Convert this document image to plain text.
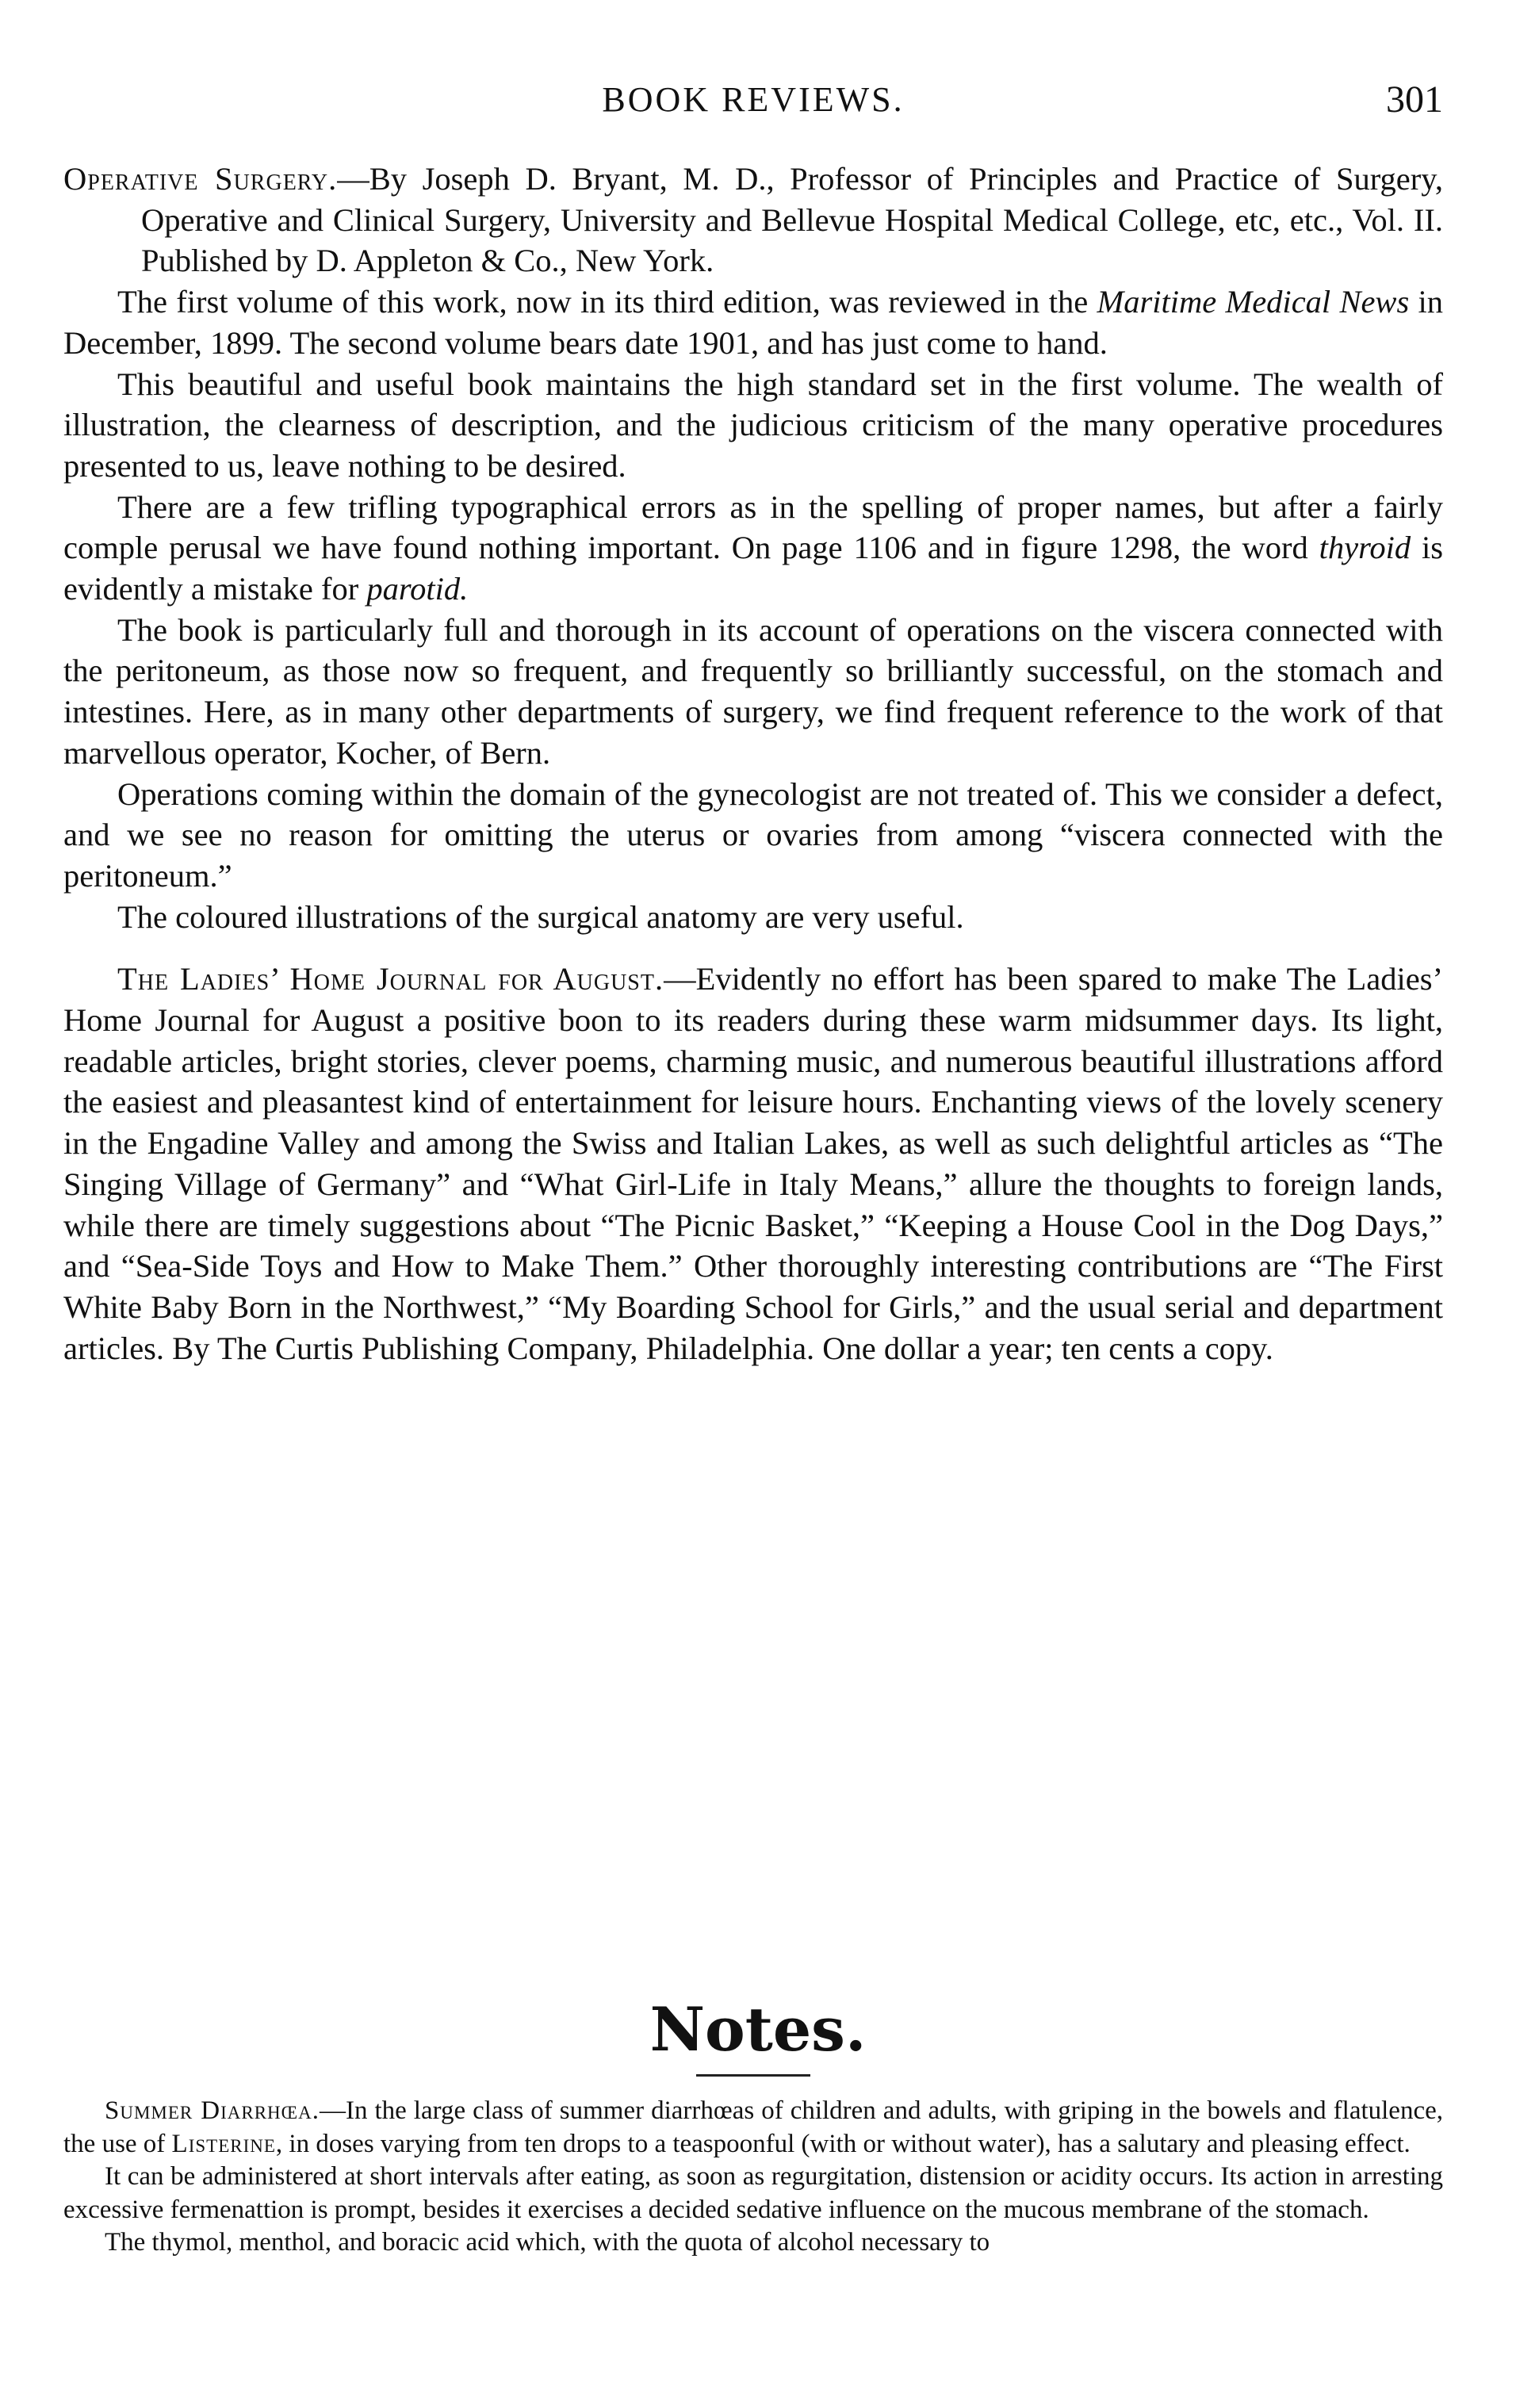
BOOK REVIEWS.	301

Operative Surgery.—By Joseph D. Bryant, M. D., Professor of Principles and Practice of Surgery, Operative and Clinical Surgery, University and Bellevue Hospital Medical College, etc, etc., Vol. II. Published by D. Appleton & Co., New York.

The first volume of this work, now in its third edition, was reviewed in the Maritime Medical News in December, 1899. The second volume bears date 1901, and has just come to hand.

This beautiful and useful book maintains the high standard set in the first volume. The wealth of illustration, the clearness of description, and the judicious criticism of the many operative procedures presented to us, leave nothing to be desired.

There are a few trifling typographical errors as in the spelling of proper names, but after a fairly comple perusal we have found nothing important. On page 1106 and in figure 1298, the word thyroid is evidently a mistake for parotid.

The book is particularly full and thorough in its account of operations on the viscera connected with the peritoneum, as those now so frequent, and frequently so brilliantly successful, on the stomach and intestines. Here, as in many other departments of surgery, we find frequent reference to the work of that marvellous operator, Kocher, of Bern.

Operations coming within the domain of the gynecologist are not treated of. This we consider a defect, and we see no reason for omitting the uterus or ovaries from among “viscera connected with the peritoneum.”

The coloured illustrations of the surgical anatomy are very useful.

The Ladies’ Home Journal for August.—Evidently no effort has been spared to make The Ladies’ Home Journal for August a positive boon to its readers during these warm midsummer days. Its light, readable articles, bright stories, clever poems, charming music, and numerous beautiful illustrations afford the easiest and pleasantest kind of entertainment for leisure hours. Enchanting views of the lovely scenery in the Engadine Valley and among the Swiss and Italian Lakes, as well as such delightful articles as “The Singing Village of Germany” and “What Girl-Life in Italy Means,” allure the thoughts to foreign lands, while there are timely suggestions about “The Picnic Basket,” “Keeping a House Cool in the Dog Days,” and “Sea-Side Toys and How to Make Them.” Other thoroughly interesting contributions are “The First White Baby Born in the Northwest,” “My Boarding School for Girls,” and the usual serial and department articles. By The Curtis Publishing Company, Philadelphia. One dollar a year; ten cents a copy.

Notes.

Summer Diarrhœa.—In the large class of summer diarrhœas of children and adults, with griping in the bowels and flatulence, the use of Listerine, in doses varying from ten drops to a teaspoonful (with or without water), has a salutary and pleasing effect.

It can be administered at short intervals after eating, as soon as regurgitation, distension or acidity occurs. Its action in arresting excessive fermenattion is prompt, besides it exercises a decided sedative influence on the mucous membrane of the stomach.

The thymol, menthol, and boracic acid which, with the quota of alcohol necessary to
